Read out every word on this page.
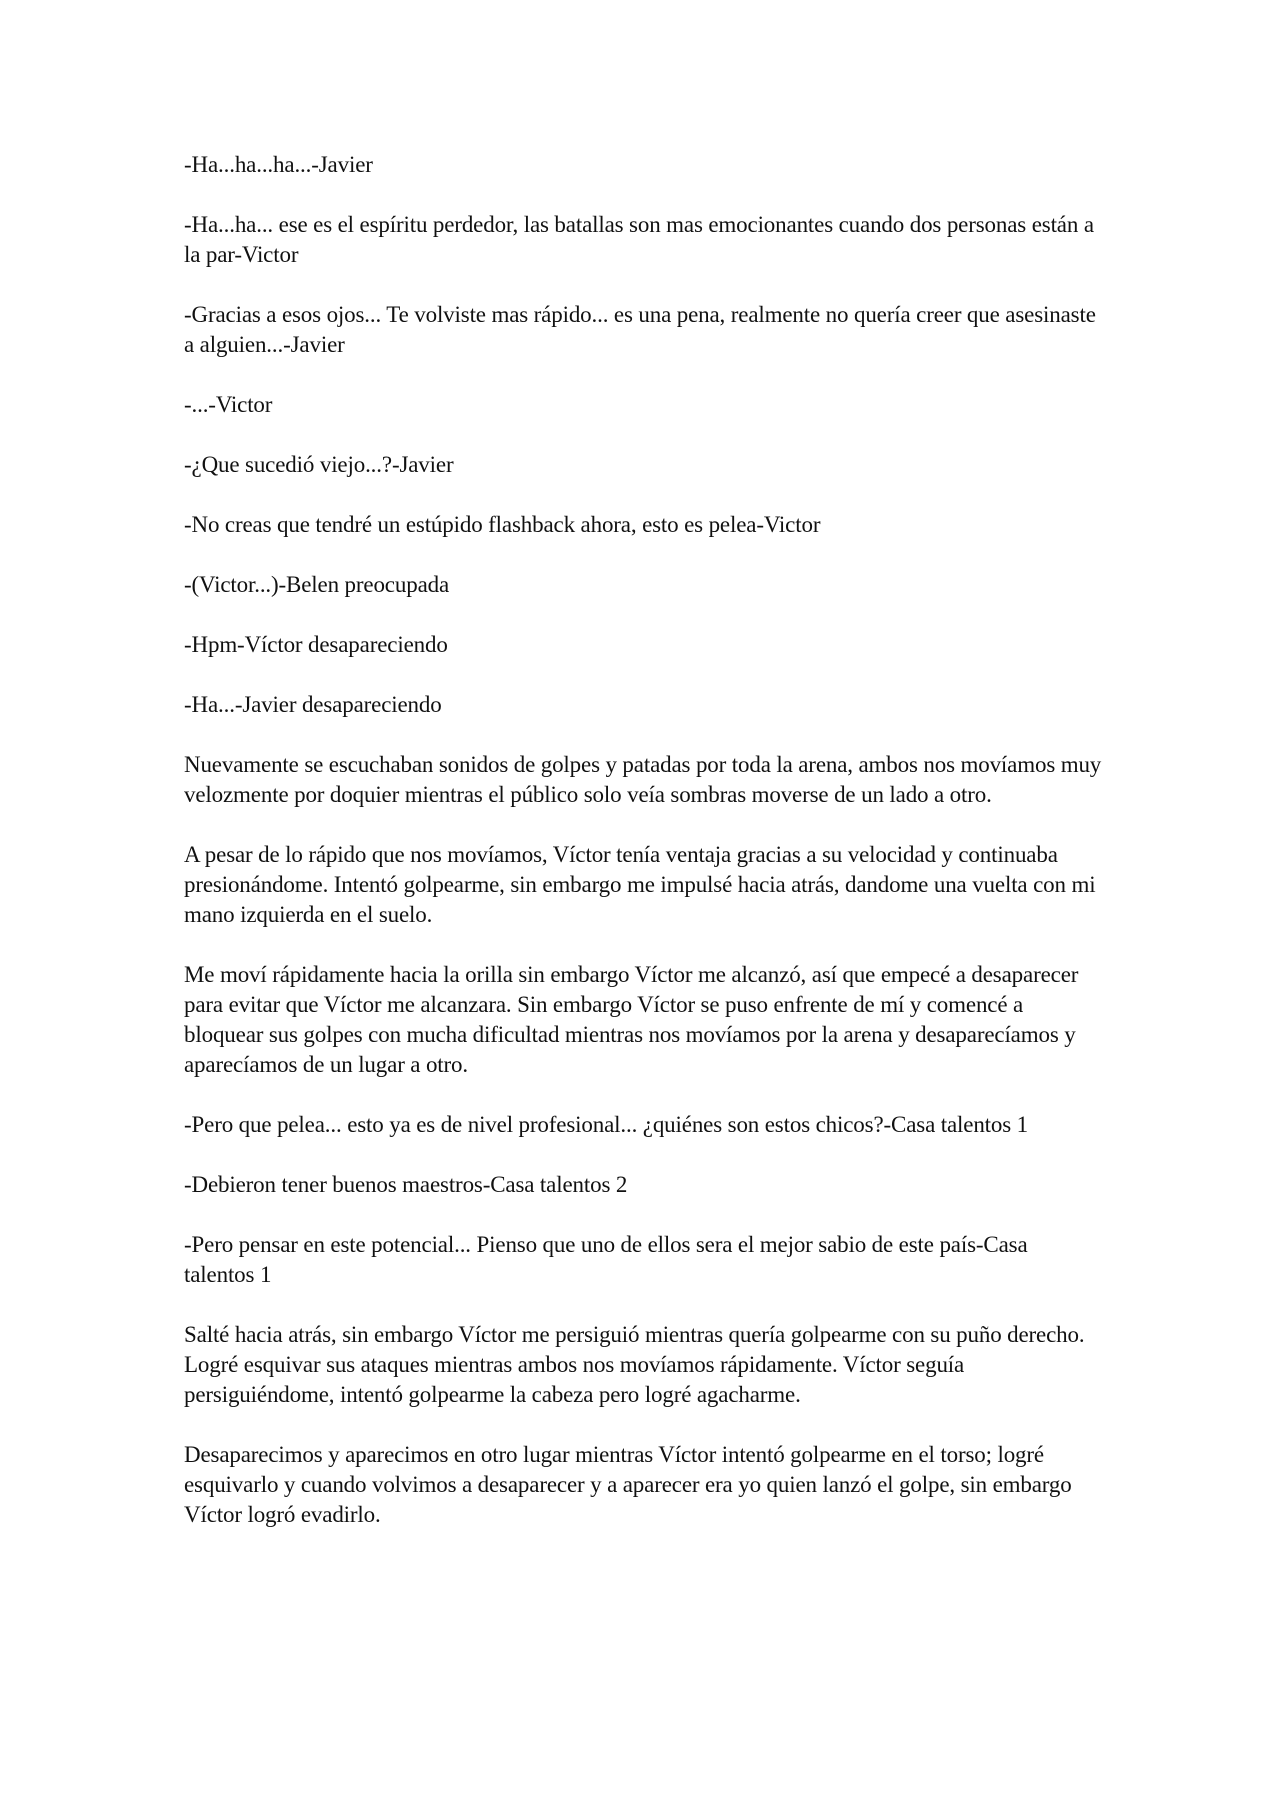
-Ha...ha...ha...-Javier

-Ha...ha... ese es el espíritu perdedor, las batallas son mas emocionantes cuando dos personas están a la par-Victor

-Gracias a esos ojos... Te volviste mas rápido... es una pena, realmente no quería creer que asesinaste a alguien...-Javier

-...-Victor

-¿Que sucedió viejo...?-Javier

-No creas que tendré un estúpido flashback ahora, esto es pelea-Victor

-(Victor...)-Belen preocupada

-Hpm-Víctor desapareciendo

-Ha...-Javier desapareciendo

Nuevamente se escuchaban sonidos de golpes y patadas por toda la arena, ambos nos movíamos muy velozmente por doquier mientras el público solo veía sombras moverse de un lado a otro.

A pesar de lo rápido que nos movíamos, Víctor tenía ventaja gracias a su velocidad y continuaba presionándome. Intentó golpearme, sin embargo me impulsé hacia atrás, dandome una vuelta con mi mano izquierda en el suelo.

Me moví rápidamente hacia la orilla sin embargo Víctor me alcanzó, así que empecé a desaparecer para evitar que Víctor me alcanzara. Sin embargo Víctor se puso enfrente de mí y comencé a bloquear sus golpes con mucha dificultad mientras nos movíamos por la arena y desaparecíamos y aparecíamos de un lugar a otro.

-Pero que pelea... esto ya es de nivel profesional... ¿quiénes son estos chicos?-Casa talentos 1

-Debieron tener buenos maestros-Casa talentos 2

-Pero pensar en este potencial... Pienso que uno de ellos sera el mejor sabio de este país-Casa talentos 1

Salté hacia atrás, sin embargo Víctor me persiguió mientras quería golpearme con su puño derecho. Logré esquivar sus ataques mientras ambos nos movíamos rápidamente. Víctor seguía persiguiéndome, intentó golpearme la cabeza pero logré agacharme.

Desaparecimos y aparecimos en otro lugar mientras Víctor intentó golpearme en el torso; logré esquivarlo y cuando volvimos a desaparecer y a aparecer era yo quien lanzó el golpe, sin embargo Víctor logró evadirlo.
